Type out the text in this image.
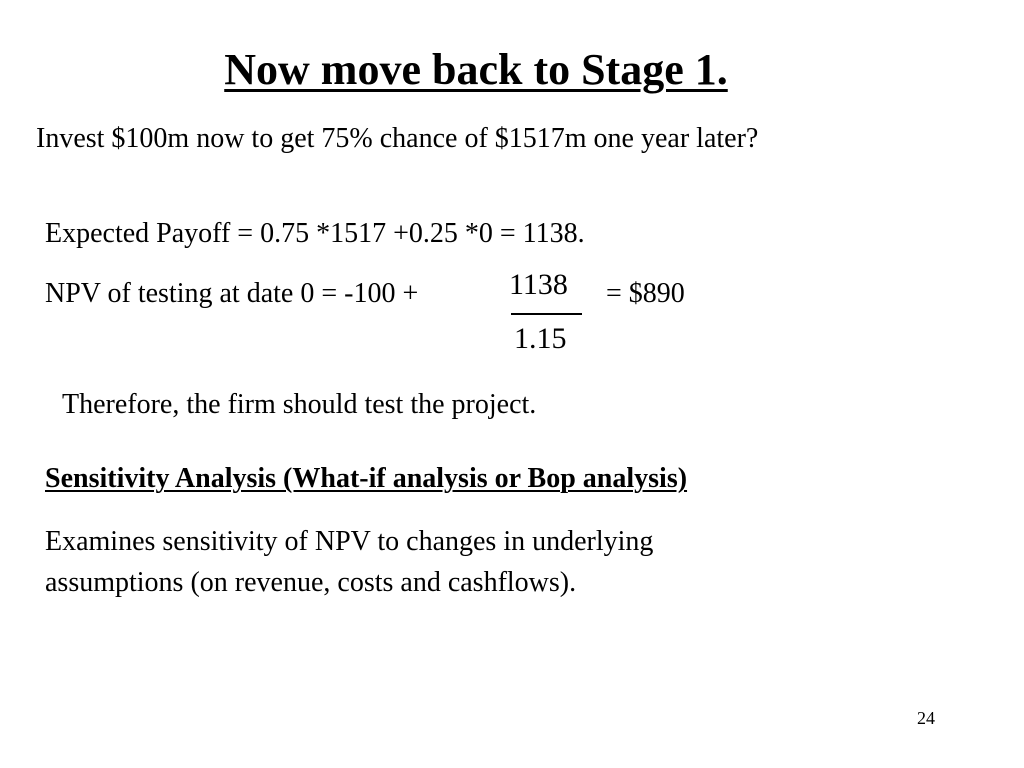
Now move back to Stage 1.
Invest $100m now to get 75% chance of $1517m one year later?
Expected Payoff = 0.75 *1517 +0.25 *0 = 1138.
NPV of testing at date 0 = -100 +	1138
1.15
= $890
Therefore, the firm should test the project.
Sensitivity Analysis (What-if analysis or Bop analysis)
Examines sensitivity of NPV to changes in underlying
assumptions (on revenue, costs and cashflows).
24
